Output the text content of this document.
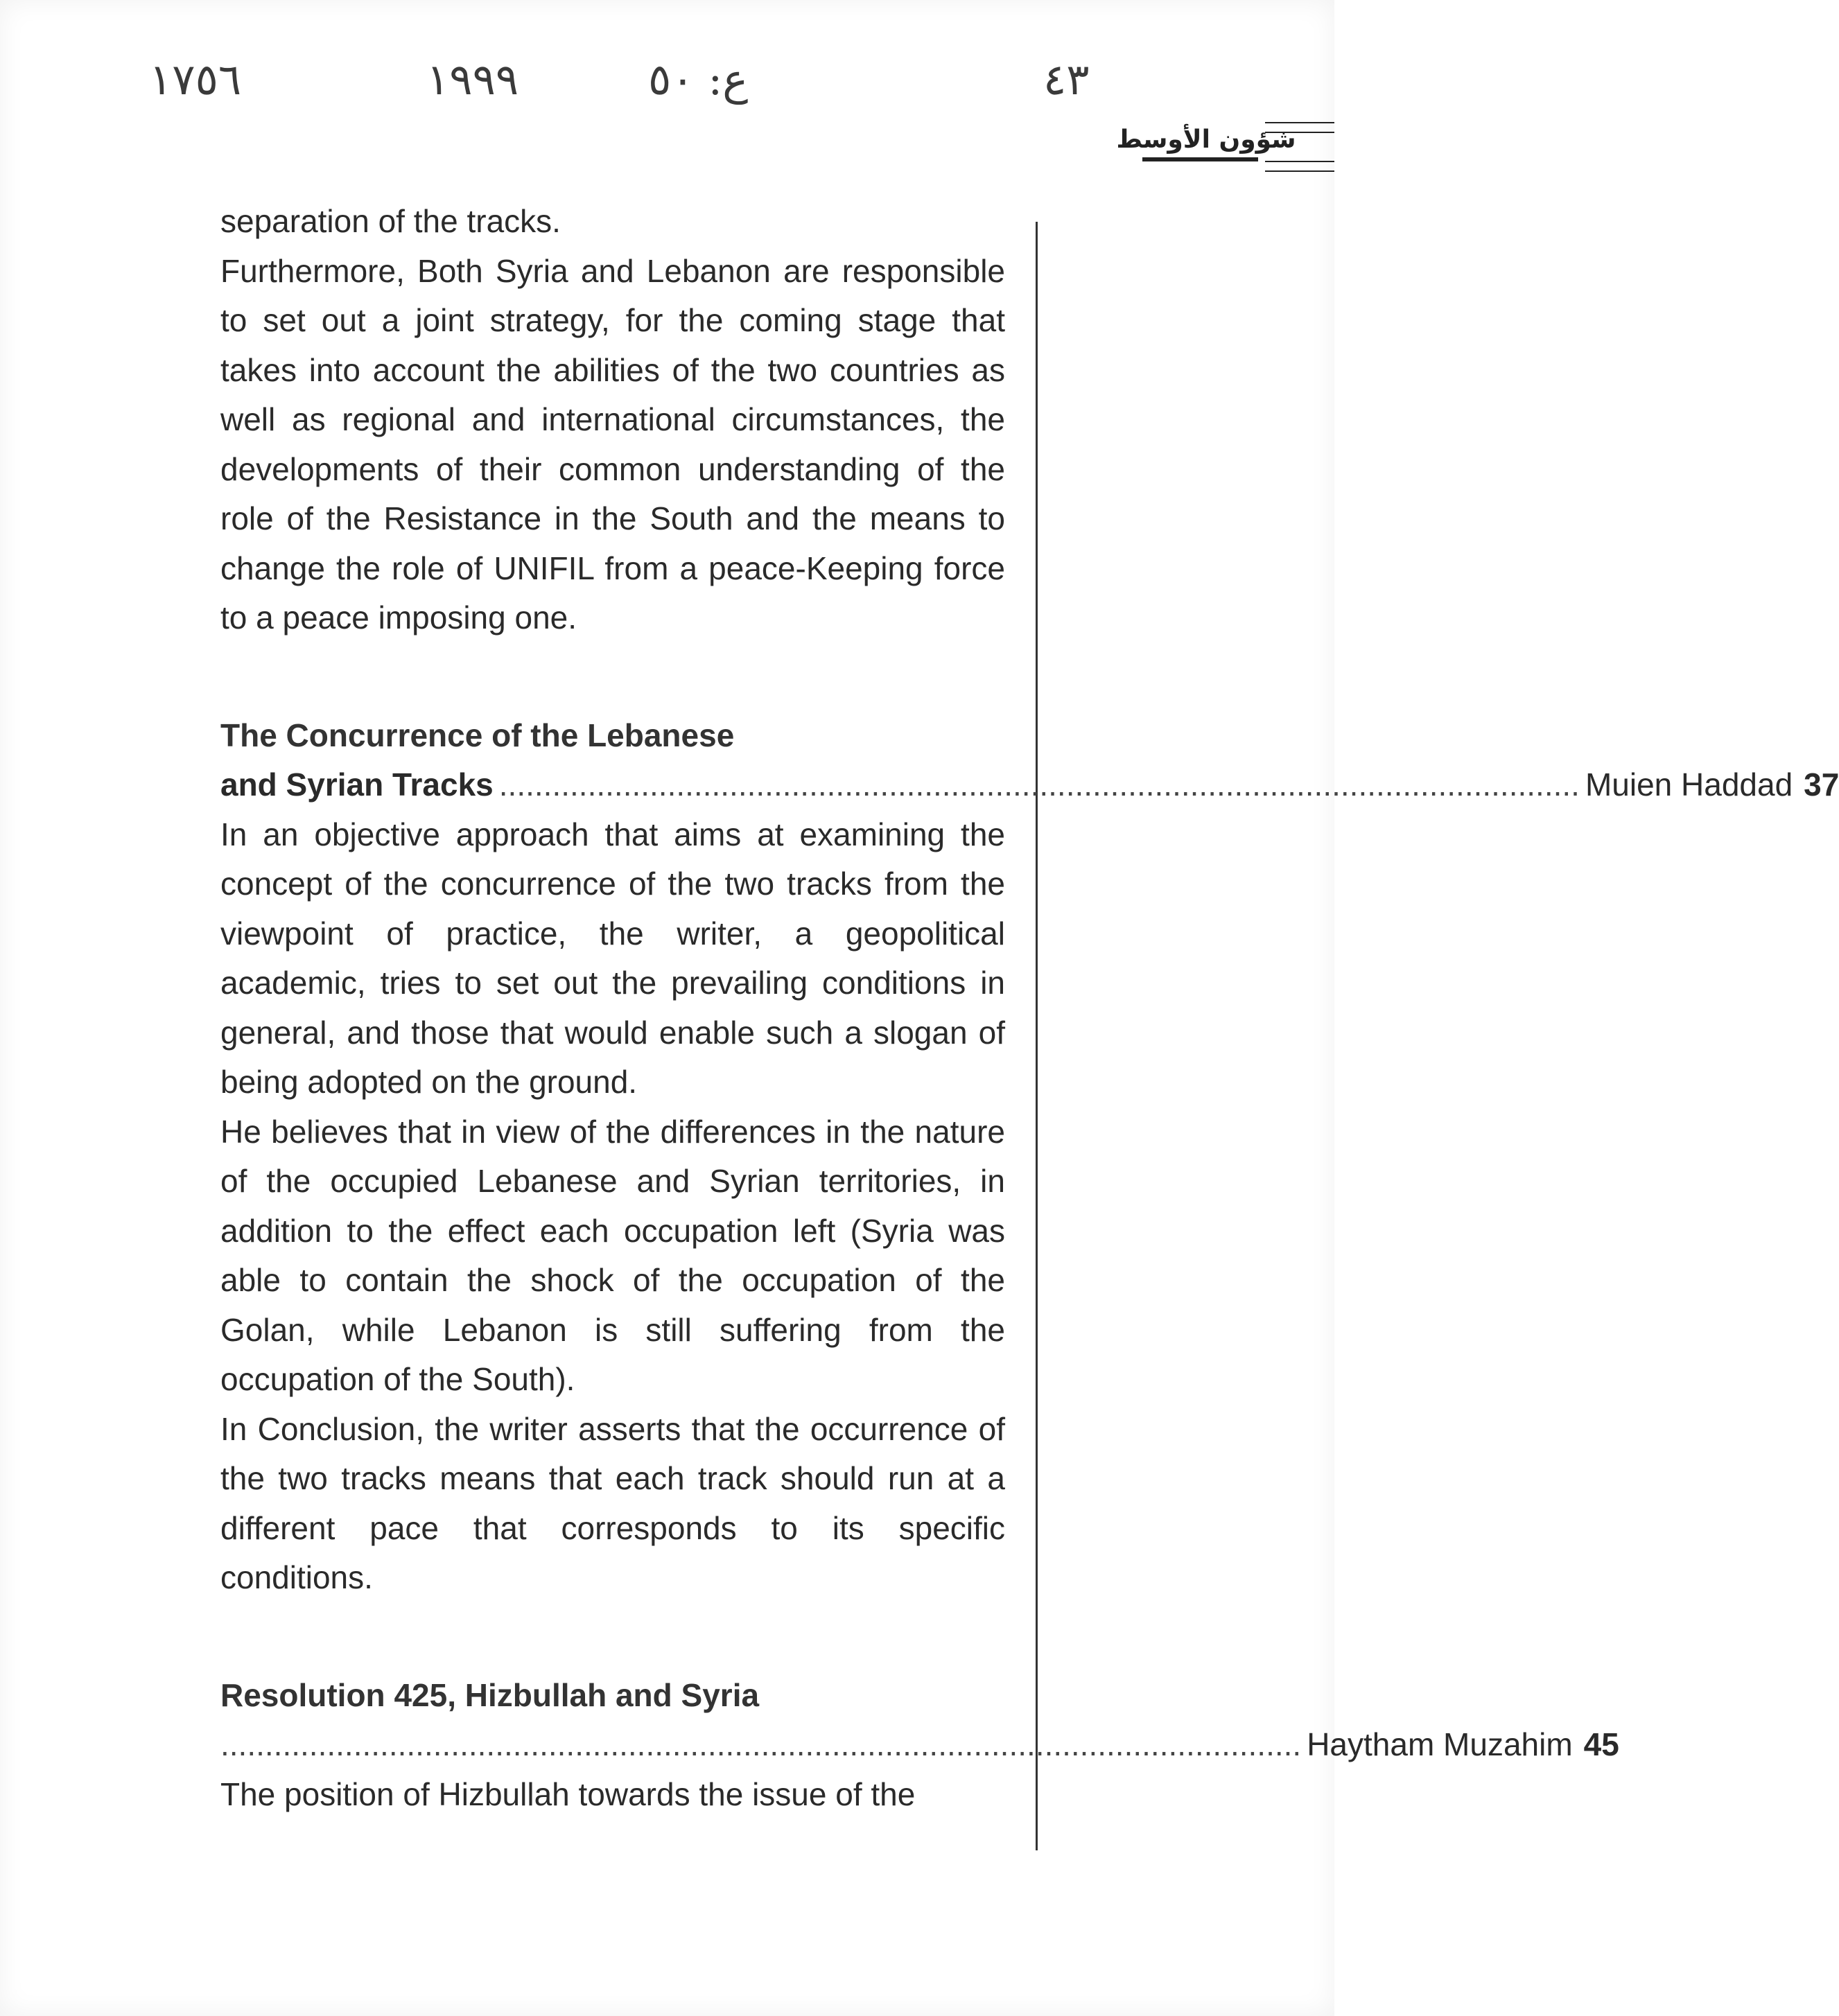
١٧٥٦	١٩٩٩	ع: ٥٠	٤٣
شؤون الأوسط

separation of the tracks.

Furthermore, Both Syria and Lebanon are responsible to set out a joint strategy, for the coming stage that takes into account the abilities of the two countries as well as regional and international circumstances, the developments of their common understanding of the role of the Resistance in the South and the means to change the role of UNIFIL from a peace-Keeping force to a peace imposing one.

The Concurrence of the Lebanese

and Syrian Tracks
.....	Muien Haddad 37

In an objective approach that aims at examining the concept of the concurrence of the two tracks from the viewpoint of practice, the writer, a geopolitical academic, tries to set out the prevailing conditions in general, and those that would enable such a slogan of being adopted on the ground.

He believes that in view of the differences in the nature of the occupied Lebanese and Syrian territories, in addition to the effect each occupation left (Syria was able to contain the shock of the occupation of the Golan, while Lebanon is still suffering from the occupation of the South).

In Conclusion, the writer asserts that the occurrence of the two tracks means that each track should run at a different pace that corresponds to its specific conditions.

Resolution 425, Hizbullah and Syria

.....
Haytham Muzahim 45

The position of Hizbullah towards the issue of the
